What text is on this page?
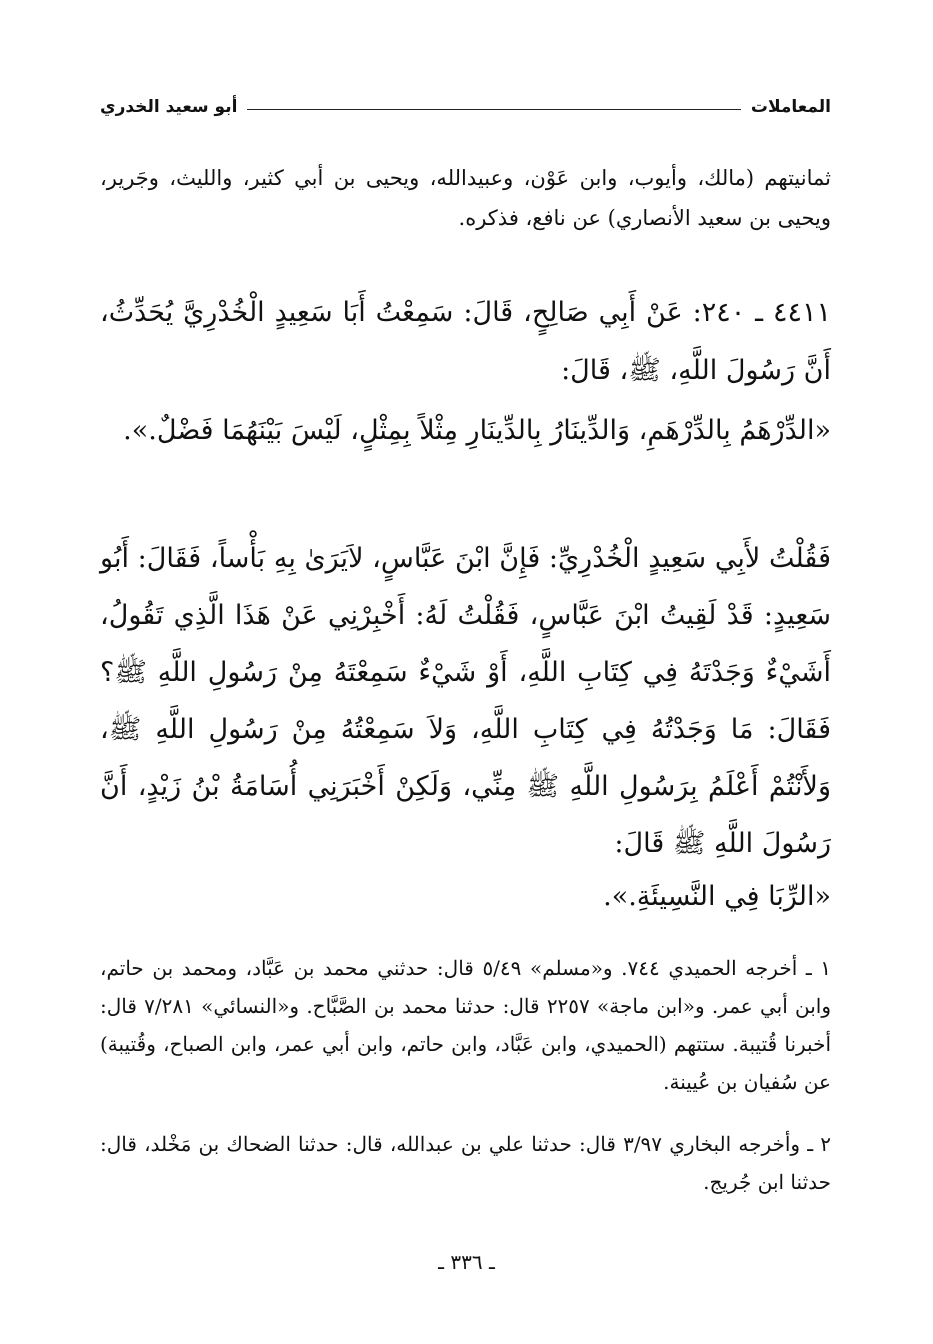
المعاملات
أبو سعيد الخدري
ثمانيتهم (مالك، وأيوب، وابن عَوْن، وعبيدالله، ويحيى بن أبي كثير، والليث، وجَرير، ويحيى بن سعيد الأنصاري) عن نافع، فذكره.
٤٤١١ ـ ٢٤٠: عَنْ أَبِي صَالِحٍ، قَالَ: سَمِعْتُ أَبَا سَعِيدٍ الْخُدْرِيَّ يُحَدِّثُ، أَنَّ رَسُولَ اللَّهِ، ﷺ، قَالَ:
«الدِّرْهَمُ بِالدِّرْهَمِ، وَالدِّينَارُ بِالدِّينَارِ مِثْلاً بِمِثْلٍ، لَيْسَ بَيْنَهُمَا فَضْلٌ.».
فَقُلْتُ لأَبِي سَعِيدٍ الْخُدْرِيِّ: فَإِنَّ ابْنَ عَبَّاسٍ، لاَيَرَىٰ بِهِ بَأْساً، فَقَالَ: أَبُو سَعِيدٍ: قَدْ لَقِيتُ ابْنَ عَبَّاسٍ، فَقُلْتُ لَهُ: أَخْبِرْنِي عَنْ هَذَا الَّذِي تَقُولُ، أَشَيْءٌ وَجَدْتَهُ فِي كِتَابِ اللَّهِ، أَوْ شَيْءٌ سَمِعْتَهُ مِنْ رَسُولِ اللَّهِ ﷺ؟ فَقَالَ: مَا وَجَدْتُهُ فِي كِتَابِ اللَّهِ، وَلاَ سَمِعْتُهُ مِنْ رَسُولِ اللَّهِ ﷺ، وَلأَنْتُمْ أَعْلَمُ بِرَسُولِ اللَّهِ ﷺ مِنِّي، وَلَكِنْ أَخْبَرَنِي أُسَامَةُ بْنُ زَيْدٍ، أَنَّ رَسُولَ اللَّهِ ﷺ قَالَ:
«الرِّبَا فِي النَّسِيئَةِ.».
١ ـ أخرجه الحميدي ٧٤٤. و«مسلم» ٥/٤٩ قال: حدثني محمد بن عَبَّاد، ومحمد بن حاتم، وابن أبي عمر. و«ابن ماجة» ٢٢٥٧ قال: حدثنا محمد بن الصَّبَّاح. و«النسائي» ٧/٢٨١ قال: أخبرنا قُتيبة. ستتهم (الحميدي، وابن عَبَّاد، وابن حاتم، وابن أبي عمر، وابن الصباح، وقُتيبة) عن سُفيان بن عُيينة.
٢ ـ وأخرجه البخاري ٣/٩٧ قال: حدثنا علي بن عبدالله، قال: حدثنا الضحاك بن مَخْلد، قال: حدثنا ابن جُريج.
ـ ٣٣٦ ـ
